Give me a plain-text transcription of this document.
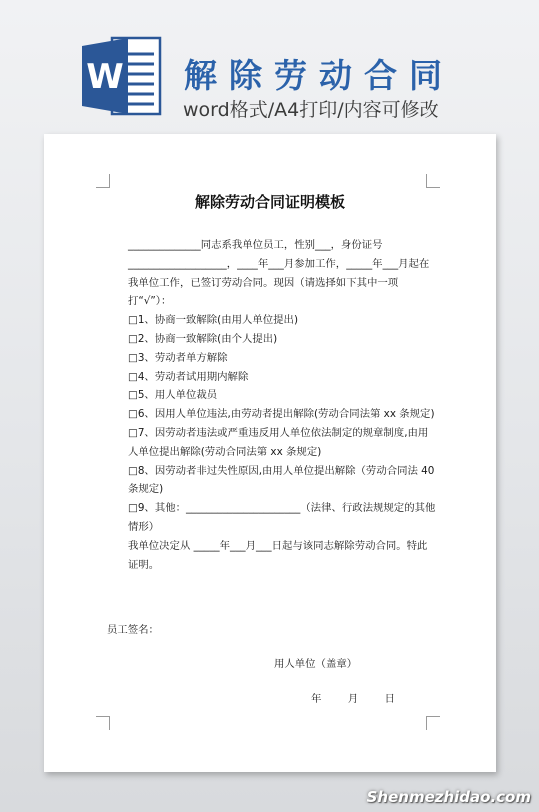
W 解除劳动合同
word格式/A4打印/内容可修改
解除劳动合同证明模板

______________同志系我单位员工，性别___，身份证号___________________，____年___月参加工作，_____年___月起在我单位工作，已签订劳动合同。现因（请选择如下其中一项打“√”）：

□1、协商一致解除(由用人单位提出)

□2、协商一致解除(由个人提出)

□3、劳动者单方解除

□4、劳动者试用期内解除

□5、用人单位裁员

□6、因用人单位违法,由劳动者提出解除(劳动合同法第 xx 条规定)

□7、因劳动者违法或严重违反用人单位依法制定的规章制度,由用人单位提出解除(劳动合同法第 xx 条规定)

□8、因劳动者非过失性原因,由用人单位提出解除（劳动合同法 40 条规定)

□9、其他：______________________（法律、行政法规规定的其他情形）

我单位决定从 _____年___月___日起与该同志解除劳动合同。特此证明。

员工签名：
用人单位（盖章）
年        月        日
Shenmezhidao.com
